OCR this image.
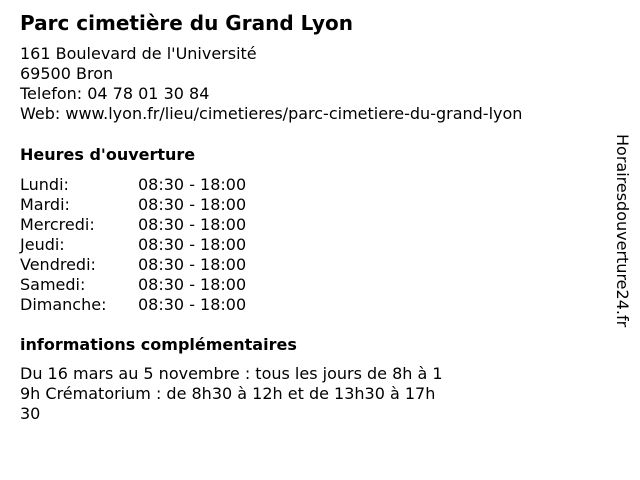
Parc cimetière du Grand Lyon
161 Boulevard de l'Université
69500 Bron
Telefon: 04 78 01 30 84
Web: www.lyon.fr/lieu/cimetieres/parc-cimetiere-du-grand-lyon
Heures d'ouverture
Lundi:	08:30 - 18:00
Mardi:	08:30 - 18:00
Mercredi:	08:30 - 18:00
Jeudi:	08:30 - 18:00
Vendredi:	08:30 - 18:00
Samedi:	08:30 - 18:00
Dimanche:	08:30 - 18:00
informations complémentaires
Du 16 mars au 5 novembre : tous les jours de 8h à 19h Crématorium : de 8h30 à 12h et de 13h30 à 17h30
Horairesdouverture24.fr
